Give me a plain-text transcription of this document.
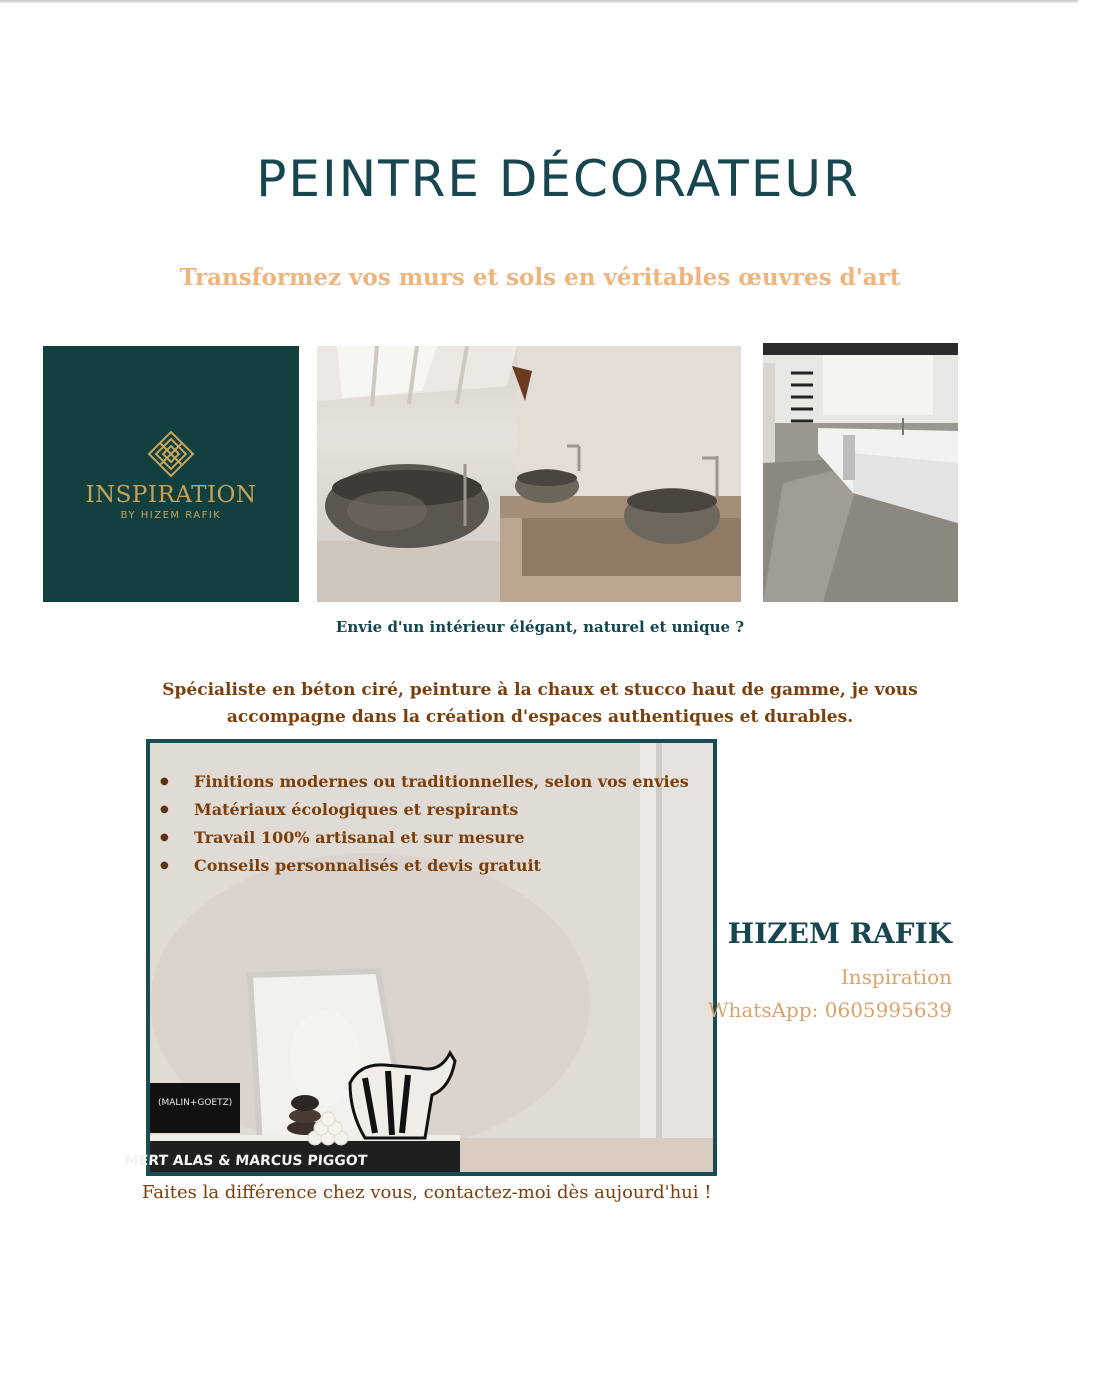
PEINTRE DÉCORATEUR
Transformez vos murs et sols en véritables œuvres d'art
INSPIRATION
BY HIZEM RAFIK
Envie d'un intérieur élégant, naturel et unique ?
Spécialiste en béton ciré, peinture à la chaux et stucco haut de gamme, je vous accompagne dans la création d'espaces authentiques et durables.
MERT ALAS & MARCUS PIGGOT
(MALIN+GOETZ)
● Finitions modernes ou traditionnelles, selon vos envies
● Matériaux écologiques et respirants
● Travail 100% artisanal et sur mesure
● Conseils personnalisés et devis gratuit
Faites la différence chez vous, contactez-moi dès aujourd'hui !
HIZEM RAFIK
Inspiration
WhatsApp: 0605995639
